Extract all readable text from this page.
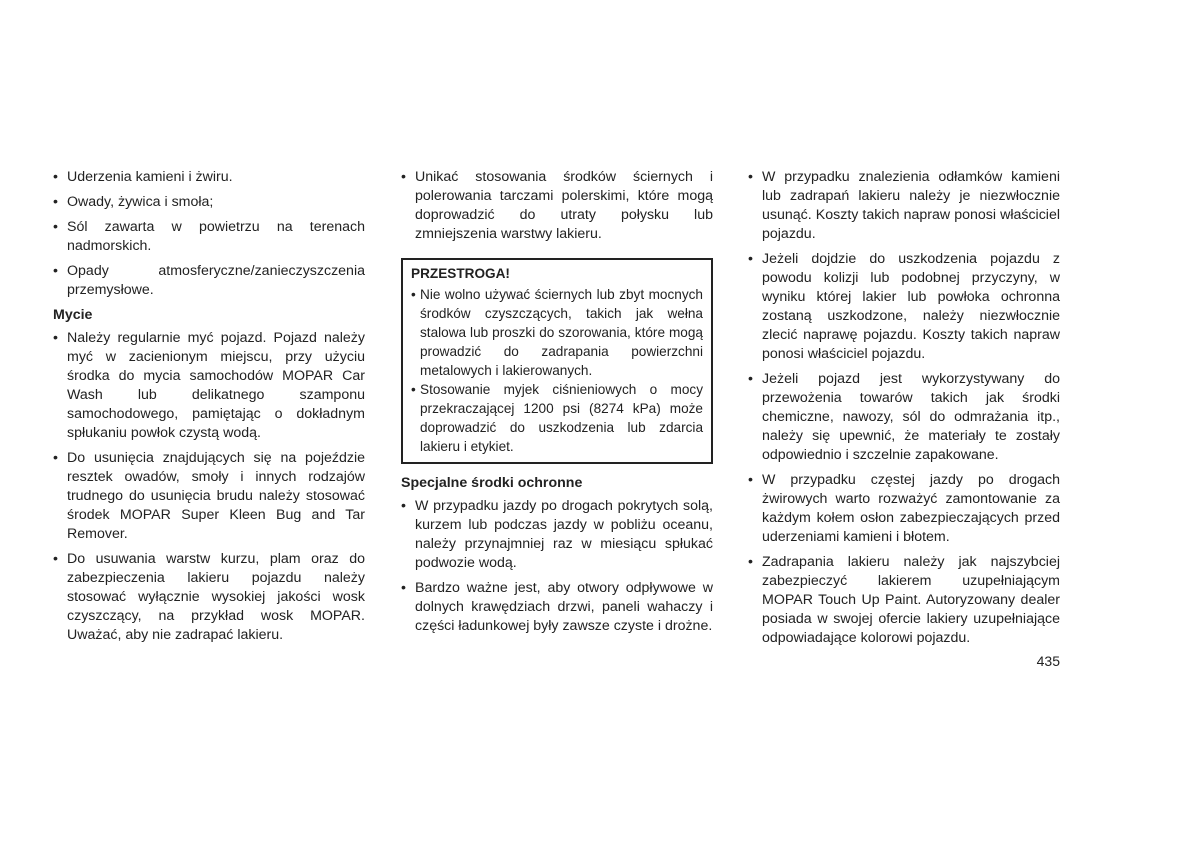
• Uderzenia kamieni i żwiru.
• Owady, żywica i smoła;
• Sól zawarta w powietrzu na terenach nadmorskich.
• Opady atmosferyczne/zanieczyszczenia przemysłowe.
Mycie
• Należy regularnie myć pojazd. Pojazd należy myć w zacienionym miejscu, przy użyciu środka do mycia samochodów MOPAR Car Wash lub delikatnego szamponu samochodowego, pamiętając o dokładnym spłukaniu powłok czystą wodą.
• Do usunięcia znajdujących się na pojeździe resztek owadów, smoły i innych rodzajów trudnego do usunięcia brudu należy stosować środek MOPAR Super Kleen Bug and Tar Remover.
• Do usuwania warstw kurzu, plam oraz do zabezpieczenia lakieru pojazdu należy stosować wyłącznie wysokiej jakości wosk czyszczący, na przykład wosk MOPAR. Uważać, aby nie zadrapać lakieru.
• Unikać stosowania środków ściernych i polerowania tarczami polerskimi, które mogą doprowadzić do utraty połysku lub zmniejszenia warstwy lakieru.
PRZESTROGA!
• Nie wolno używać ściernych lub zbyt mocnych środków czyszczących, takich jak wełna stalowa lub proszki do szorowania, które mogą prowadzić do zadrapania powierzchni metalowych i lakierowanych.
• Stosowanie myjek ciśnieniowych o mocy przekraczającej 1200 psi (8274 kPa) może doprowadzić do uszkodzenia lub zdarcia lakieru i etykiet.
Specjalne środki ochronne
• W przypadku jazdy po drogach pokrytych solą, kurzem lub podczas jazdy w pobliżu oceanu, należy przynajmniej raz w miesiącu spłukać podwozie wodą.
• Bardzo ważne jest, aby otwory odpływowe w dolnych krawędziach drzwi, paneli wahaczy i części ładunkowej były zawsze czyste i drożne.
• W przypadku znalezienia odłamków kamieni lub zadrapań lakieru należy je niezwłocznie usunąć. Koszty takich napraw ponosi właściciel pojazdu.
• Jeżeli dojdzie do uszkodzenia pojazdu z powodu kolizji lub podobnej przyczyny, w wyniku której lakier lub powłoka ochronna zostaną uszkodzone, należy niezwłocznie zlecić naprawę pojazdu. Koszty takich napraw ponosi właściciel pojazdu.
• Jeżeli pojazd jest wykorzystywany do przewożenia towarów takich jak środki chemiczne, nawozy, sól do odmrażania itp., należy się upewnić, że materiały te zostały odpowiednio i szczelnie zapakowane.
• W przypadku częstej jazdy po drogach żwirowych warto rozważyć zamontowanie za każdym kołem osłon zabezpieczających przed uderzeniami kamieni i błotem.
• Zadrapania lakieru należy jak najszybciej zabezpieczyć lakierem uzupełniającym MOPAR Touch Up Paint. Autoryzowany dealer posiada w swojej ofercie lakiery uzupełniające odpowiadające kolorowi pojazdu.
435
